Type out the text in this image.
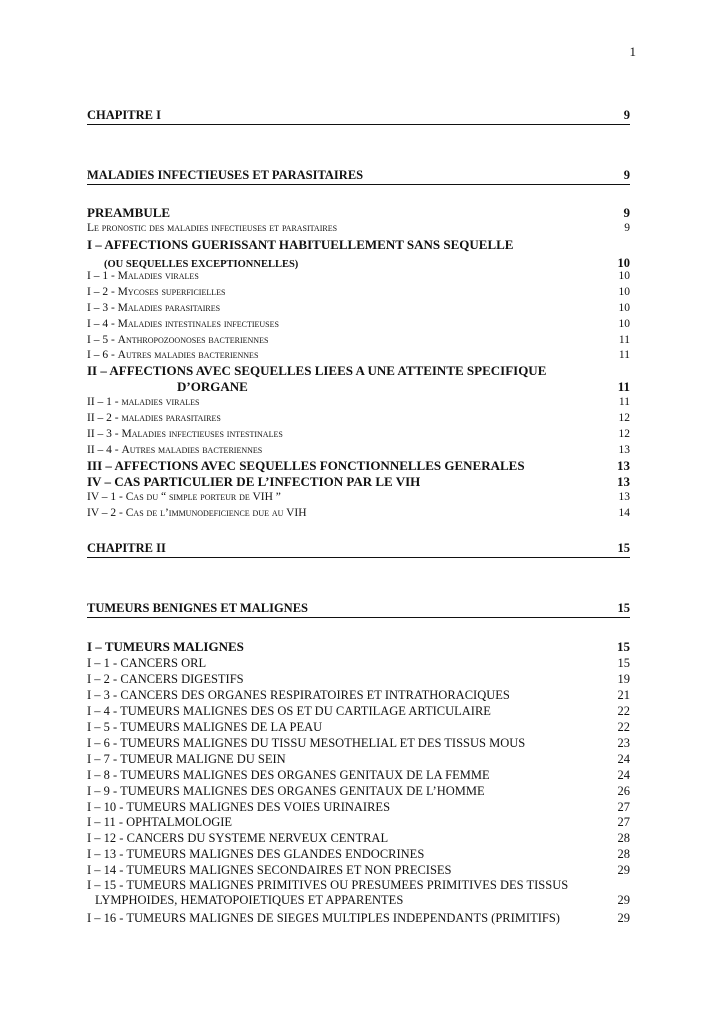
1
CHAPITRE I	9
MALADIES INFECTIEUSES ET PARASITAIRES	9
PREAMBULE	9
Le pronostic des maladies infectieuses et parasitaires	9
I – AFFECTIONS GUERISSANT HABITUELLEMENT SANS SEQUELLE
(OU SEQUELLES EXCEPTIONNELLES)	10
I – 1 - Maladies virales	10
I – 2 - Mycoses superficielles	10
I – 3 - Maladies parasitaires	10
I – 4 - Maladies intestinales infectieuses	10
I – 5 - Anthropozoonoses bacteriennes	11
I – 6 - Autres maladies bacteriennes	11
II – AFFECTIONS AVEC SEQUELLES LIEES A UNE ATTEINTE SPECIFIQUE
D’ORGANE	11
II – 1 - maladies virales	11
II – 2 - maladies parasitaires	12
II – 3 - Maladies infectieuses intestinales	12
II – 4 - Autres maladies bacteriennes	13
III – AFFECTIONS AVEC SEQUELLES FONCTIONNELLES GENERALES	13
IV – CAS PARTICULIER DE L’INFECTION PAR LE VIH	13
IV – 1 - Cas du “ simple porteur de VIH ”	13
IV – 2 - Cas de l’immunodeficience due au VIH	14
CHAPITRE II	15
TUMEURS BENIGNES ET MALIGNES	15
I – TUMEURS MALIGNES	15
I – 1 - CANCERS ORL	15
I – 2 - CANCERS DIGESTIFS	19
I – 3 - CANCERS DES ORGANES RESPIRATOIRES ET INTRATHORACIQUES	21
I – 4 - TUMEURS MALIGNES DES OS ET DU CARTILAGE ARTICULAIRE	22
I – 5 - TUMEURS MALIGNES DE LA PEAU	22
I – 6 - TUMEURS MALIGNES DU TISSU MESOTHELIAL ET DES TISSUS MOUS	23
I – 7 - TUMEUR MALIGNE DU SEIN	24
I – 8 - TUMEURS MALIGNES DES ORGANES GENITAUX DE LA FEMME	24
I – 9 - TUMEURS MALIGNES DES ORGANES GENITAUX DE L’HOMME	26
I – 10 - TUMEURS MALIGNES DES VOIES URINAIRES	27
I – 11 - OPHTALMOLOGIE	27
I – 12 - CANCERS DU SYSTEME NERVEUX CENTRAL	28
I – 13 - TUMEURS MALIGNES DES GLANDES ENDOCRINES	28
I – 14 - TUMEURS MALIGNES SECONDAIRES ET NON PRECISES	29
I – 15 - TUMEURS MALIGNES PRIMITIVES OU PRESUMEES PRIMITIVES DES TISSUS
LYMPHOIDES, HEMATOPOIETIQUES ET APPARENTES	29
I – 16 - TUMEURS MALIGNES DE SIEGES MULTIPLES INDEPENDANTS (PRIMITIFS)	29
